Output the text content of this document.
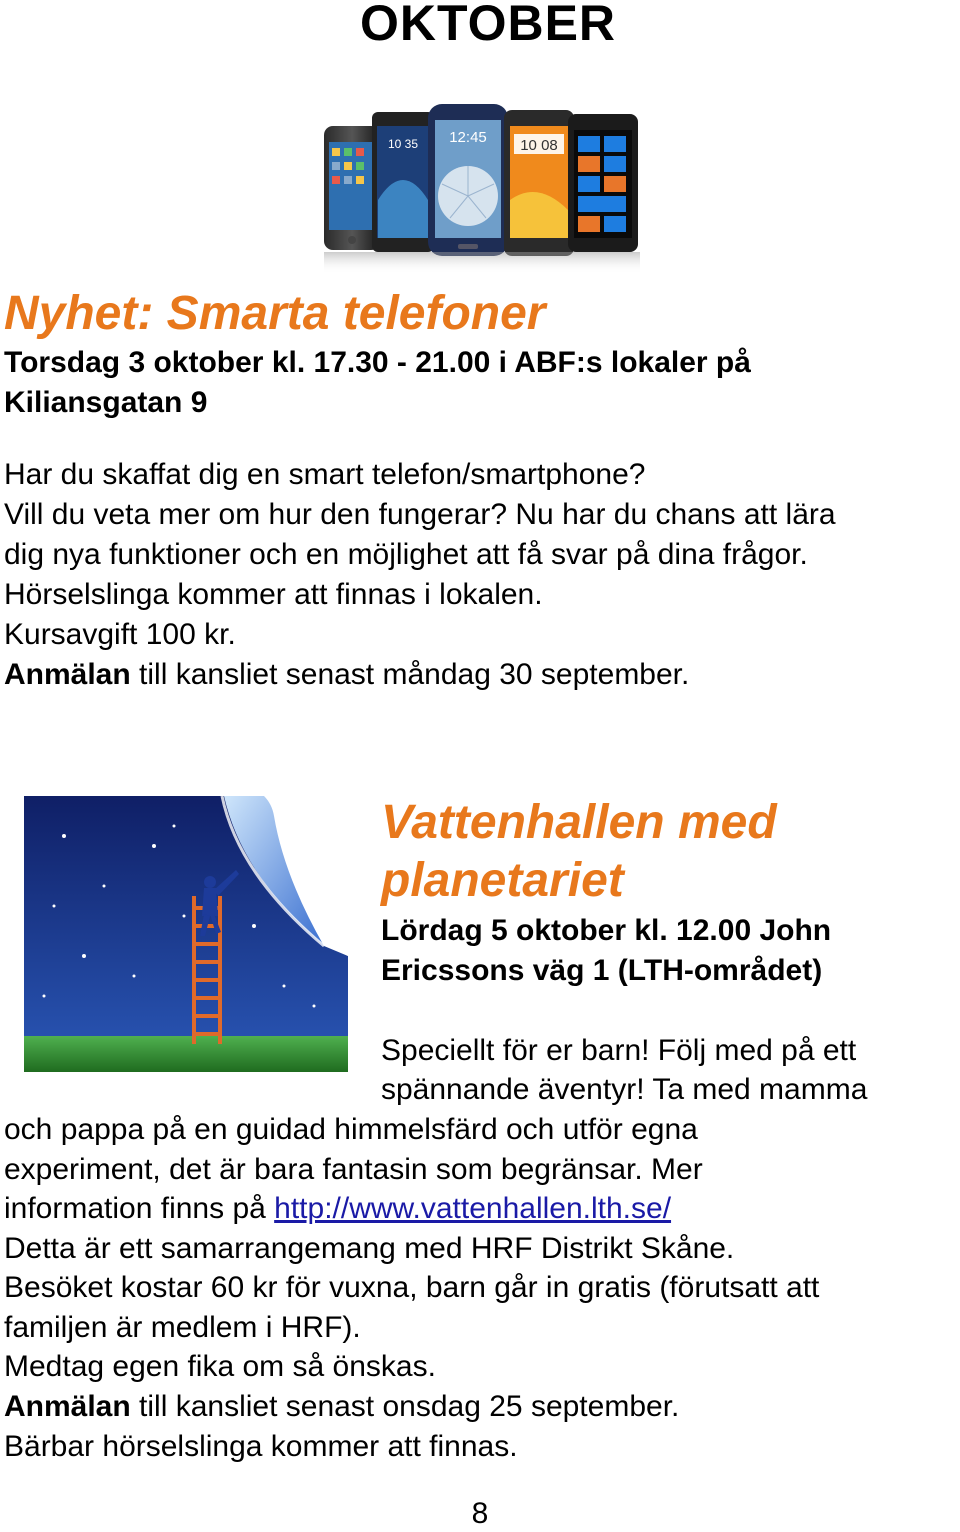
OKTOBER
10 35 12:45 10 08
Nyhet: Smarta telefoner
Torsdag 3 oktober kl. 17.30 - 21.00 i ABF:s lokaler på
Kiliansgatan 9
Har du skaffat dig en smart telefon/smartphone?
Vill du veta mer om hur den fungerar? Nu har du chans att lära
dig nya funktioner och en möjlighet att få svar på dina frågor.
Hörselslinga kommer att finnas i lokalen.
Kursavgift 100 kr.
Anmälan till kansliet senast måndag 30 september.
Vattenhallen med
planetariet
Lördag 5 oktober kl. 12.00 John
Ericssons väg 1 (LTH-området)
Speciellt för er barn! Följ med på ett
spännande äventyr! Ta med mamma
och pappa på en guidad himmelsfärd och utför egna
experiment, det är bara fantasin som begränsar. Mer
information finns på http://www.vattenhallen.lth.se/
Detta är ett samarrangemang med HRF Distrikt Skåne.
Besöket kostar 60 kr för vuxna, barn går in gratis (förutsatt att
familjen är medlem i HRF).
Medtag egen fika om så önskas.
Anmälan till kansliet senast onsdag 25 september.
Bärbar hörselslinga kommer att finnas.
8
